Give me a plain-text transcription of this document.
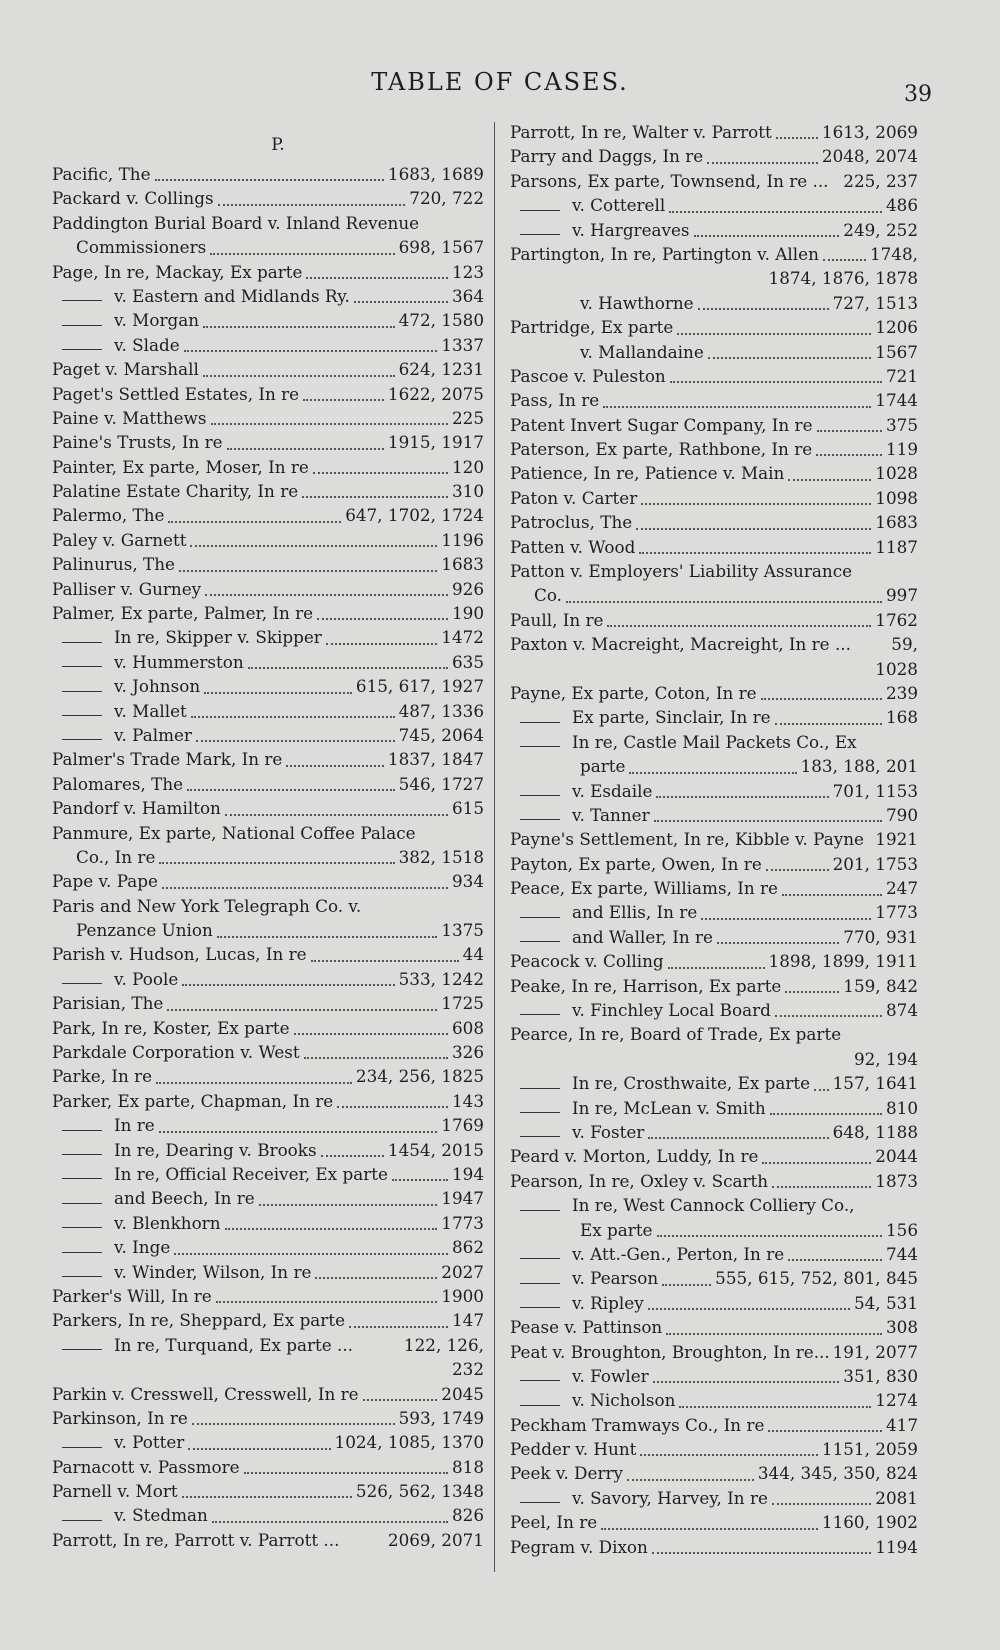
TABLE OF CASES.	39
P.
Pacific, The	1683, 1689
Packard v. Collings	720, 722
Paddington Burial Board v. Inland Revenue
Commissioners	698, 1567
Page, In re, Mackay, Ex parte	123
v. Eastern and Midlands Ry.	364
v. Morgan	472, 1580
v. Slade	1337
Paget v. Marshall	624, 1231
Paget's Settled Estates, In re	1622, 2075
Paine v. Matthews	225
Paine's Trusts, In re	1915, 1917
Painter, Ex parte, Moser, In re	120
Palatine Estate Charity, In re	310
Palermo, The	647, 1702, 1724
Paley v. Garnett	1196
Palinurus, The	1683
Palliser v. Gurney	926
Palmer, Ex parte, Palmer, In re	190
In re, Skipper v. Skipper	1472
v. Hummerston	635
v. Johnson	615, 617, 1927
v. Mallet	487, 1336
v. Palmer	745, 2064
Palmer's Trade Mark, In re	1837, 1847
Palomares, The	546, 1727
Pandorf v. Hamilton	615
Panmure, Ex parte, National Coffee Palace
Co., In re	382, 1518
Pape v. Pape	934
Paris and New York Telegraph Co. v.
Penzance Union	1375
Parish v. Hudson, Lucas, In re	44
v. Poole	533, 1242
Parisian, The	1725
Park, In re, Koster, Ex parte	608
Parkdale Corporation v. West	326
Parke, In re	234, 256, 1825
Parker, Ex parte, Chapman, In re	143
In re	1769
In re, Dearing v. Brooks	1454, 2015
In re, Official Receiver, Ex parte	194
and Beech, In re	1947
v. Blenkhorn	1773
v. Inge	862
v. Winder, Wilson, In re	2027
Parker's Will, In re	1900
Parkers, In re, Sheppard, Ex parte	147
In re, Turquand, Ex parte ...	122, 126,
232
Parkin v. Cresswell, Cresswell, In re	2045
Parkinson, In re	593, 1749
v. Potter	1024, 1085, 1370
Parnacott v. Passmore	818
Parnell v. Mort	526, 562, 1348
v. Stedman	826
Parrott, In re, Parrott v. Parrott ...	2069, 2071
Parrott, In re, Walter v. Parrott	1613, 2069
Parry and Daggs, In re	2048, 2074
Parsons, Ex parte, Townsend, In re ... 225, 237
v. Cotterell	486
v. Hargreaves	249, 252
Partington, In re, Partington v. Allen	1748,
1874, 1876, 1878
v. Hawthorne	727, 1513
Partridge, Ex parte	1206
v. Mallandaine	1567
Pascoe v. Puleston	721
Pass, In re	1744
Patent Invert Sugar Company, In re	375
Paterson, Ex parte, Rathbone, In re	119
Patience, In re, Patience v. Main	1028
Paton v. Carter	1098
Patroclus, The	1683
Patten v. Wood	1187
Patton v. Employers' Liability Assurance
Co.	997
Paull, In re	1762
Paxton v. Macreight, Macreight, In re ... 59,
1028
Payne, Ex parte, Coton, In re	239
Ex parte, Sinclair, In re	168
In re, Castle Mail Packets Co., Ex
parte	183, 188, 201
v. Esdaile	701, 1153
v. Tanner	790
Payne's Settlement, In re, Kibble v. Payne 1921
Payton, Ex parte, Owen, In re	201, 1753
Peace, Ex parte, Williams, In re	247
and Ellis, In re	1773
and Waller, In re	770, 931
Peacock v. Colling	1898, 1899, 1911
Peake, In re, Harrison, Ex parte	159, 842
v. Finchley Local Board	874
Pearce, In re, Board of Trade, Ex parte
92, 194
In re, Crosthwaite, Ex parte 157, 1641
In re, McLean v. Smith	810
v. Foster	648, 1188
Peard v. Morton, Luddy, In re	2044
Pearson, In re, Oxley v. Scarth	1873
In re, West Cannock Colliery Co.,
Ex parte	156
v. Att.-Gen., Perton, In re	744
v. Pearson	555, 615, 752, 801, 845
v. Ripley	54, 531
Pease v. Pattinson	308
Peat v. Broughton, Broughton, In re... 191, 2077
v. Fowler	351, 830
v. Nicholson	1274
Peckham Tramways Co., In re	417
Pedder v. Hunt	1151, 2059
Peek v. Derry	344, 345, 350, 824
v. Savory, Harvey, In re	2081
Peel, In re	1160, 1902
Pegram v. Dixon	1194
